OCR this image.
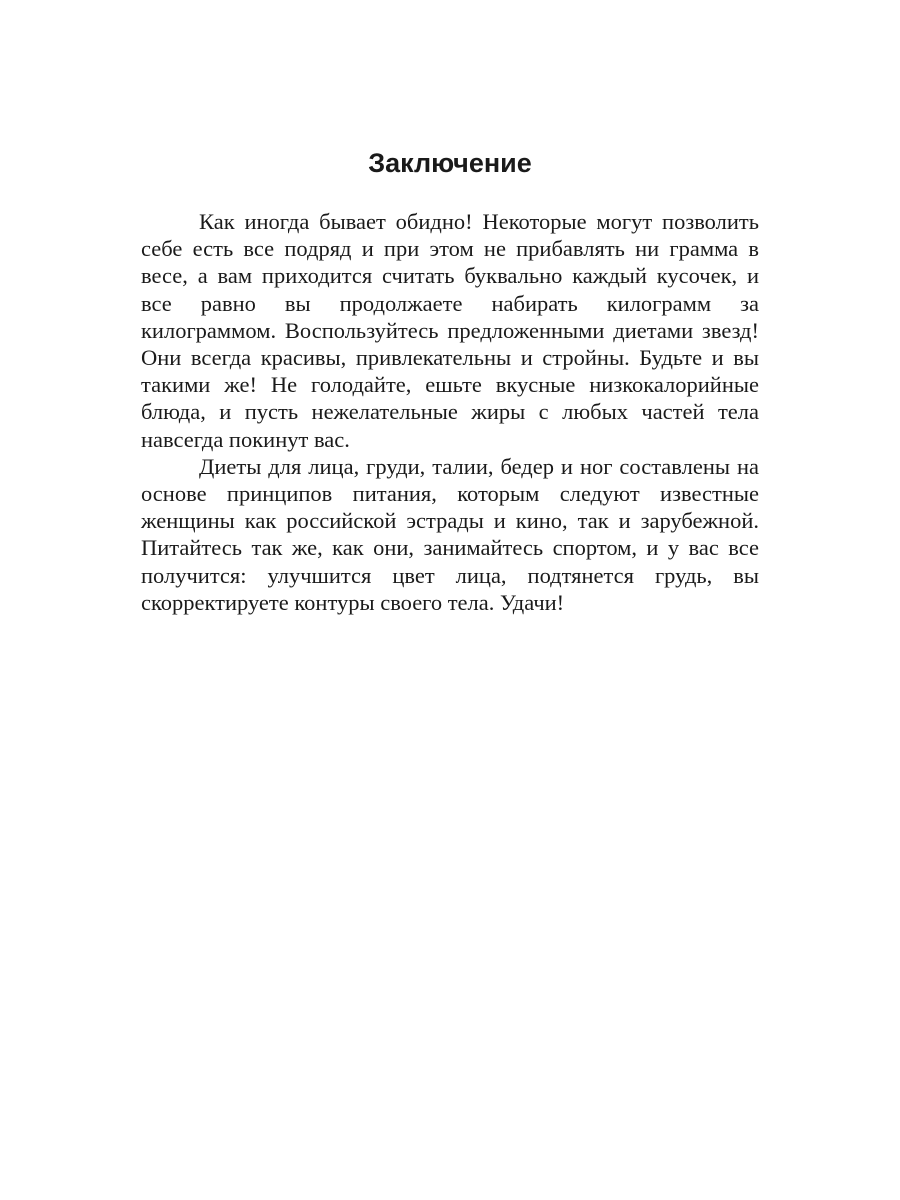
Заключение

Как иногда бывает обидно! Некоторые могут позволить себе есть все подряд и при этом не прибавлять ни грамма в весе, а вам приходится считать буквально каждый кусочек, и все равно вы продолжаете набирать килограмм за килограммом. Воспользуйтесь предложенными диетами звезд! Они всегда красивы, привлекательны и стройны. Будьте и вы такими же! Не голодайте, ешьте вкусные низкокалорийные блюда, и пусть нежелательные жиры с любых частей тела навсегда покинут вас.

Диеты для лица, груди, талии, бедер и ног составлены на основе принципов питания, которым следуют известные женщины как российской эстрады и кино, так и зарубежной. Питайтесь так же, как они, занимайтесь спортом, и у вас все получится: улучшится цвет лица, подтянется грудь, вы скорректируете контуры своего тела. Удачи!
